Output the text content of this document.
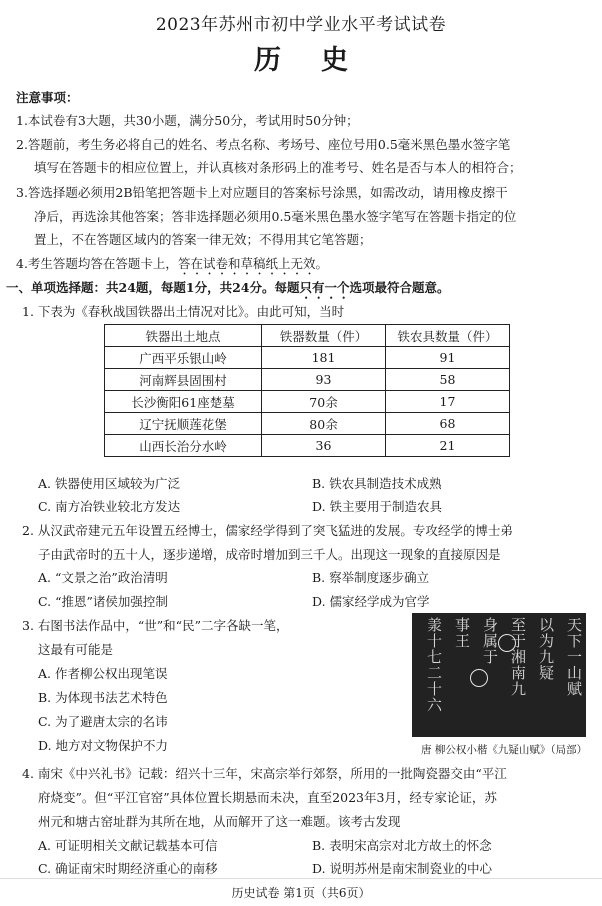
2023年苏州市初中学业水平考试试卷
历史
注意事项：
1.本试卷有3大题，共30小题，满分50分，考试用时50分钟；
2.答题前，考生务必将自己的姓名、考点名称、考场号、座位号用0.5毫米黑色墨水签字笔
填写在答题卡的相应位置上，并认真核对条形码上的准考号、姓名是否与本人的相符合；
3.答选择题必须用2B铅笔把答题卡上对应题目的答案标号涂黑，如需改动，请用橡皮擦干
净后，再选涂其他答案；答非选择题必须用0.5毫米黑色墨水签字笔写在答题卡指定的位
置上，不在答题区域内的答案一律无效；不得用其它笔答题；
4.考生答题均答在答题卡上，答在试卷和草稿纸上无效。
一、单项选择题：共24题，每题1分，共24分。每题只有一个选项最符合题意。
1. 下表为《春秋战国铁器出土情况对比》。由此可知，当时
铁器出土地点	铁器数量（件）	铁农具数量（件）
广西平乐银山岭	181	91
河南辉县固围村	93	58
长沙衡阳61座楚墓	70余	17
辽宁抚顺莲花堡	80余	68
山西长治分水岭	36	21
A. 铁器使用区域较为广泛	B. 铁农具制造技术成熟
C. 南方冶铁业较北方发达	D. 铁主要用于制造农具
2. 从汉武帝建元五年设置五经博士，儒家经学得到了突飞猛进的发展。专攻经学的博士弟
子由武帝时的五十人，逐步递增，成帝时增加到三千人。出现这一现象的直接原因是
A. “文景之治”政治清明	B. 察举制度逐步确立
C. “推恩”诸侯加强控制	D. 儒家经学成为官学
3. 右图书法作品中，“世”和“民”二字各缺一笔，
这最有可能是
A. 作者柳公权出现笔误
B. 为体现书法艺术特色
C. 为了避唐太宗的名讳
D. 地方对文物保护不力
天下一山赋
以为九疑
至于湘南九
身属于
事王
羕十七二十六
唐 柳公权小楷《九疑山赋》（局部）
4. 南宋《中兴礼书》记载：绍兴十三年，宋高宗举行郊祭，所用的一批陶瓷器交由“平江
府烧变”。但“平江官窑”具体位置长期悬而未决，直至2023年3月，经专家论证，苏
州元和塘古窑址群为其所在地，从而解开了这一难题。该考古发现
A. 可证明相关文献记载基本可信	B. 表明宋高宗对北方故土的怀念
C. 确证南宋时期经济重心的南移	D. 说明苏州是南宋制瓷业的中心
历史试卷 第1页（共6页）
